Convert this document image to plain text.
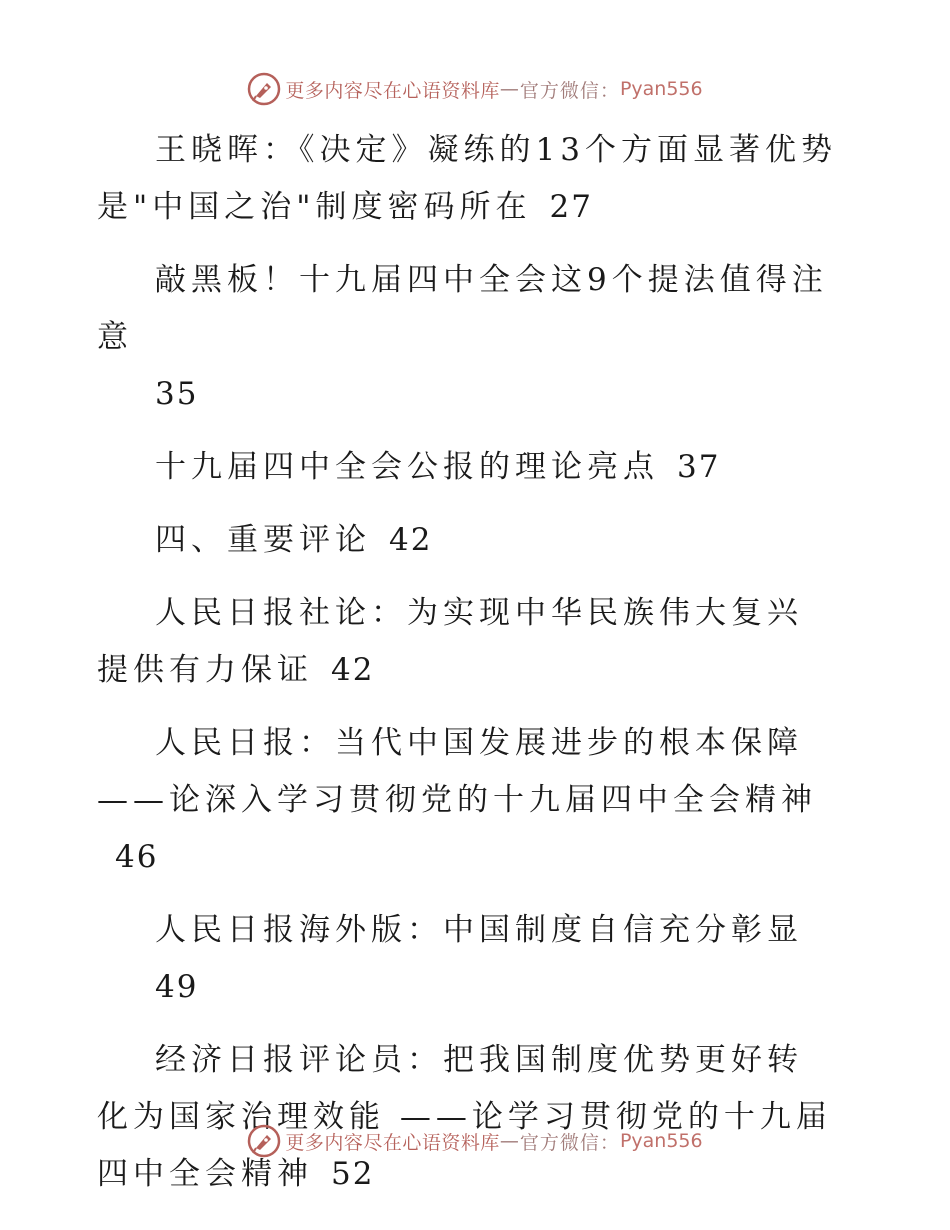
更多内容尽在心语资料库 — 官方微信： Pyan556

王晓晖：《决定》凝练的13个方面显著优势是"中国之治"制度密码所在 27

敲黑板！十九届四中全会这9个提法值得注意
35

十九届四中全会公报的理论亮点 37

四、重要评论 42

人民日报社论：为实现中华民族伟大复兴提供有力保证 42

人民日报：当代中国发展进步的根本保障 ——论深入学习贯彻党的十九届四中全会精神46

人民日报海外版：中国制度自信充分彰显
49

经济日报评论员：把我国制度优势更好转化为国家治理效能 ——论学习贯彻党的十九届四中全会精神 52

更多内容尽在心语资料库 — 官方微信： Pyan556
